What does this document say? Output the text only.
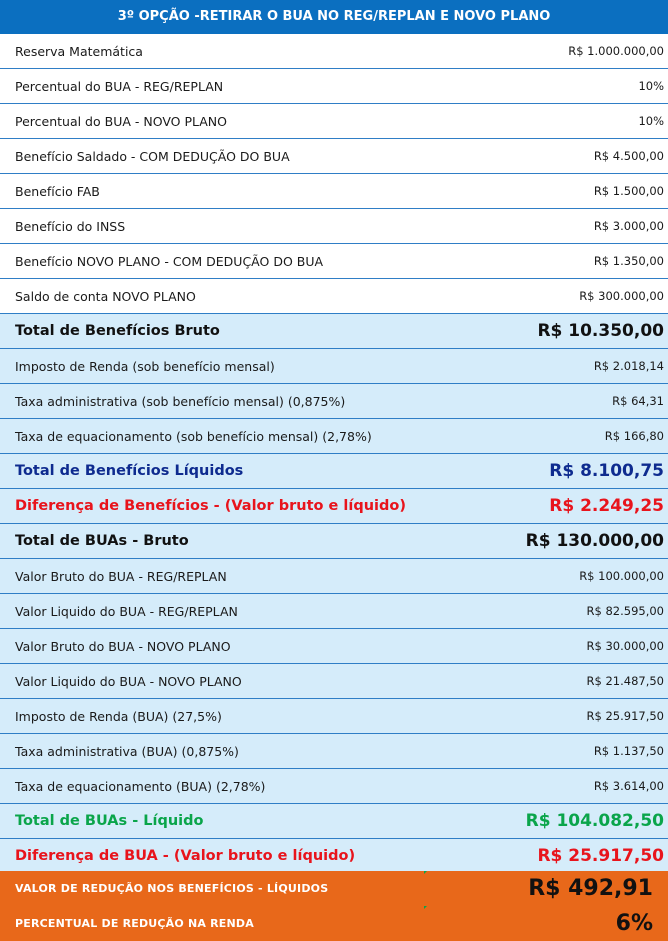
3º OPÇÃO -RETIRAR O BUA NO REG/REPLAN E NOVO PLANO
Reserva Matemática	R$ 1.000.000,00
Percentual do BUA - REG/REPLAN	10%
Percentual do BUA - NOVO PLANO	10%
Benefício Saldado - COM DEDUÇÃO DO BUA	R$ 4.500,00
Benefício FAB	R$ 1.500,00
Benefício do INSS	R$ 3.000,00
Benefício NOVO PLANO - COM DEDUÇÃO DO BUA	R$ 1.350,00
Saldo de conta NOVO PLANO	R$ 300.000,00
Total de Benefícios Bruto	R$ 10.350,00
Imposto de Renda (sob benefício mensal)	R$ 2.018,14
Taxa administrativa (sob benefício mensal) (0,875%)	R$ 64,31
Taxa de equacionamento (sob benefício mensal) (2,78%)	R$ 166,80
Total de Benefícios Líquidos	R$ 8.100,75
Diferença de Benefícios - (Valor bruto e líquido)	R$ 2.249,25
Total de BUAs - Bruto	R$ 130.000,00
Valor Bruto do BUA - REG/REPLAN	R$ 100.000,00
Valor Liquido do BUA - REG/REPLAN	R$ 82.595,00
Valor Bruto do BUA - NOVO PLANO	R$ 30.000,00
Valor Liquido do BUA - NOVO PLANO	R$ 21.487,50
Imposto de Renda (BUA) (27,5%)	R$ 25.917,50
Taxa administrativa (BUA) (0,875%)	R$ 1.137,50
Taxa de equacionamento (BUA) (2,78%)	R$ 3.614,00
Total de BUAs - Líquido	R$ 104.082,50
Diferença de BUA - (Valor bruto e líquido)	R$ 25.917,50
VALOR DE REDUÇÃO NOS BENEFÍCIOS - LÍQUIDOS	R$ 492,91
PERCENTUAL DE REDUÇÃO NA RENDA	6%
